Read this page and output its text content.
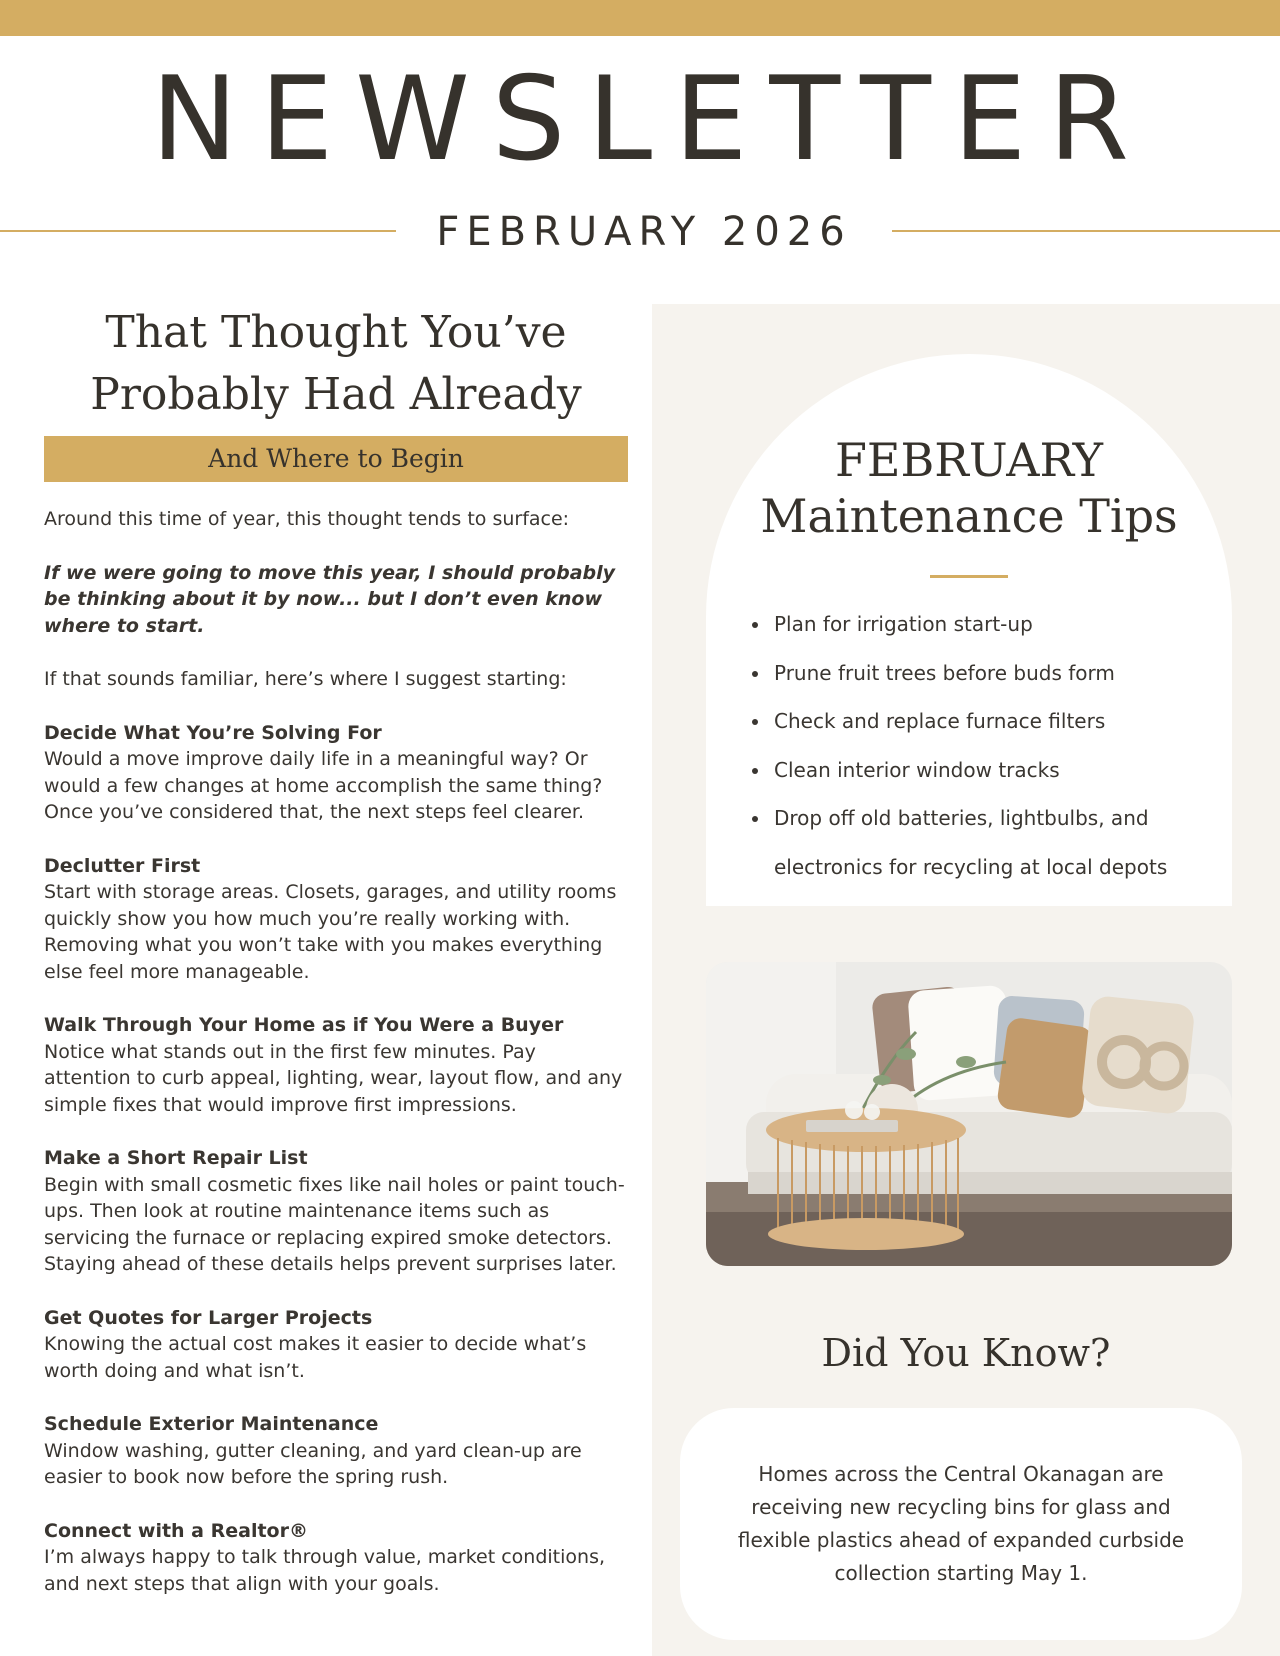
NEWSLETTER
FEBRUARY 2026
That Thought You’ve Probably Had Already
And Where to Begin

Around this time of year, this thought tends to surface:

If we were going to move this year, I should probably be thinking about it by now... but I don’t even know where to start.

If that sounds familiar, here’s where I suggest starting:

Decide What You’re Solving For
Would a move improve daily life in a meaningful way? Or would a few changes at home accomplish the same thing? Once you’ve considered that, the next steps feel clearer.
Declutter First
Start with storage areas. Closets, garages, and utility rooms quickly show you how much you’re really working with. Removing what you won’t take with you makes everything else feel more manageable.
Walk Through Your Home as if You Were a Buyer
Notice what stands out in the first few minutes. Pay attention to curb appeal, lighting, wear, layout flow, and any simple fixes that would improve first impressions.
Make a Short Repair List
Begin with small cosmetic fixes like nail holes or paint touch-ups. Then look at routine maintenance items such as servicing the furnace or replacing expired smoke detectors. Staying ahead of these details helps prevent surprises later.
Get Quotes for Larger Projects
Knowing the actual cost makes it easier to decide what’s worth doing and what isn’t.
Schedule Exterior Maintenance
Window washing, gutter cleaning, and yard clean-up are easier to book now before the spring rush.
Connect with a Realtor®
I’m always happy to talk through value, market conditions, and next steps that align with your goals.
FEBRUARY
Maintenance Tips
Plan for irrigation start-up
Prune fruit trees before buds form
Check and replace furnace filters
Clean interior window tracks
Drop off old batteries, lightbulbs, and electronics for recycling at local depots
Did You Know?
Homes across the Central Okanagan are receiving new recycling bins for glass and flexible plastics ahead of expanded curbside collection starting May 1.
